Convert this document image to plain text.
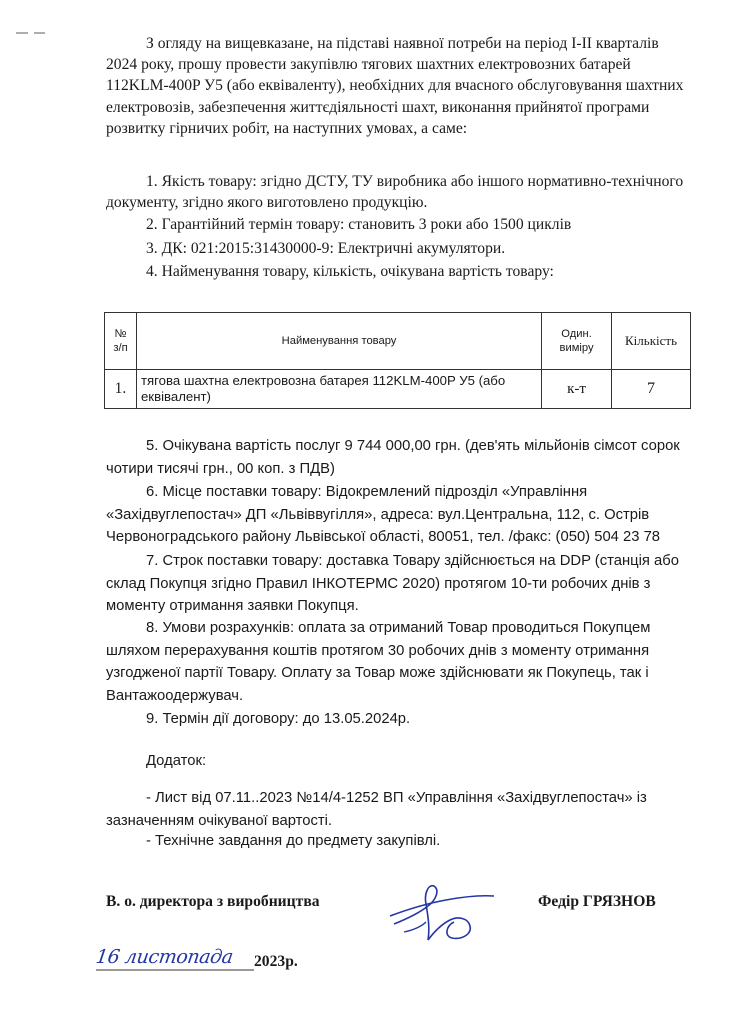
З огляду на вищевказане, на підставі наявної потреби на період I-II кварталів 2024 року, прошу провести закупівлю тягових шахтних електровозних батарей 112KLM-400P У5 (або еквіваленту), необхідних для вчасного обслуговування шахтних електровозів, забезпечення життєдіяльності шахт, виконання прийнятої програми розвитку гірничих робіт, на наступних умовах, а саме:

1. Якість товару: згідно ДСТУ, ТУ виробника або іншого нормативно-технічного документу, згідно якого виготовлено продукцію.

2. Гарантійний термін товару: становить 3 роки або 1500 циклів

3. ДК: 021:2015:31430000-9: Електричні акумулятори.

4. Найменування товару, кількість, очікувана вартість товару:

№ з/п	Найменування товару	Один. виміру	Кількість
1.	тягова шахтна електровозна батарея 112KLM-400P У5 (або еквівалент)	к-т	7

5. Очікувана вартість послуг 9 744 000,00 грн. (дев'ять мільйонів сімсот сорок чотири тисячі грн., 00 коп. з ПДВ)

6. Місце поставки товару: Відокремлений підрозділ «Управління «Західвуглепостач» ДП «Львіввугілля», адреса: вул.Центральна, 112, с. Острів Червоноградського району Львівської області, 80051, тел. /факс: (050) 504 23 78

7. Строк поставки товару: доставка Товару здійснюється на DDP (станція або склад Покупця згідно Правил ІНКОТЕРМС 2020) протягом 10-ти робочих днів з моменту отримання заявки Покупця.

8. Умови розрахунків: оплата за отриманий Товар проводиться Покупцем шляхом перерахування коштів протягом 30 робочих днів з моменту отримання узгодженої партії Товару. Оплату за Товар може здійснювати як Покупець, так і Вантажоодержувач.

9. Термін дії договору: до 13.05.2024р.

Додаток:

- Лист від 07.11..2023 №14/4-1252 ВП «Управління «Західвуглепостач» із зазначенням очікуваної вартості.

- Технічне завдання до предмету закупівлі.

В. о. директора з виробництва	Федір ГРЯЗНОВ
16 листопада 2023р.
